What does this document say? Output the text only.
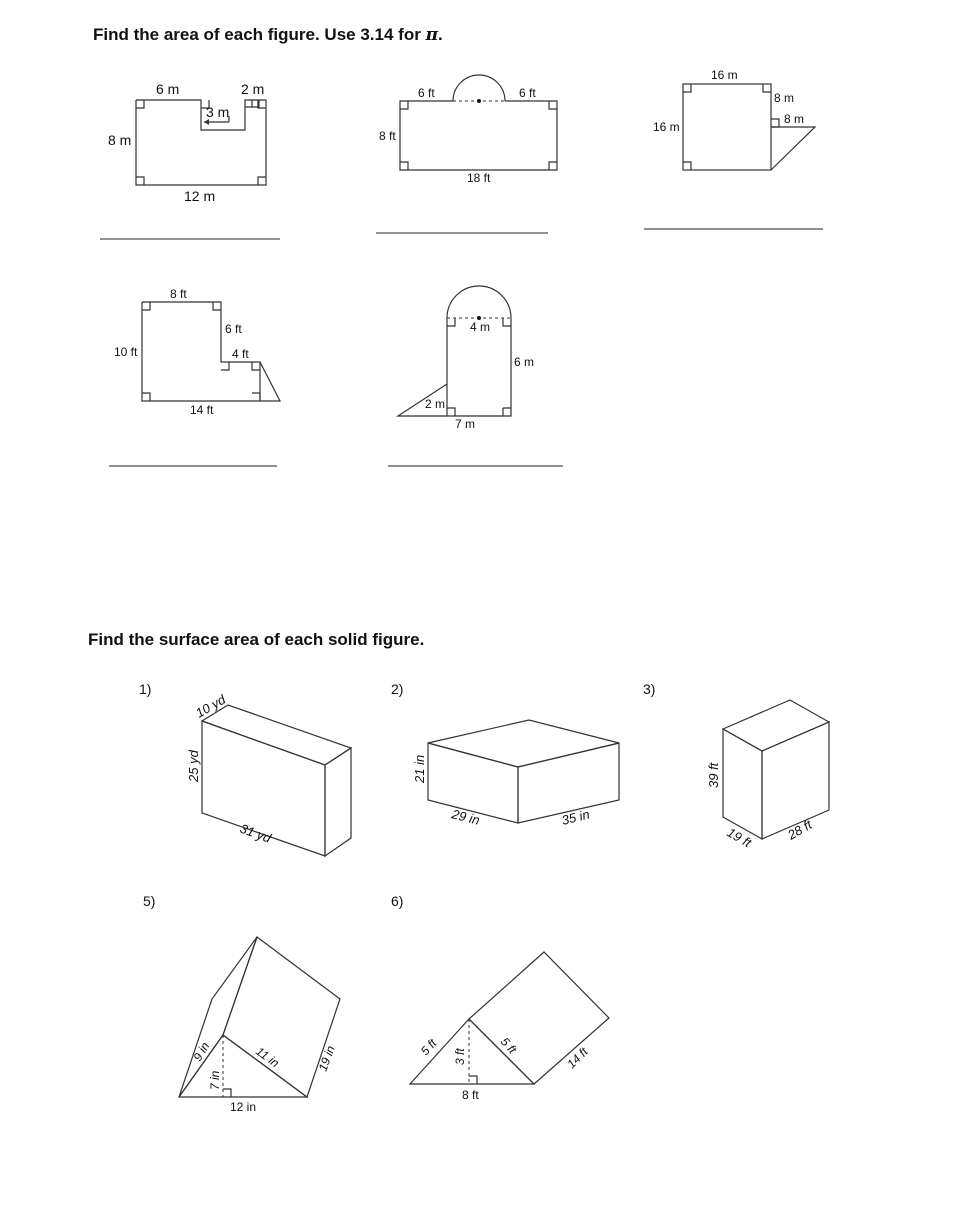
Find the area of each figure. Use 3.14 for π.
Find the surface area of each solid figure.
1)	2)	3)
5)	6)
6 m
3 m
2 m
8 m
12 m
6 ft	6 ft
8 ft
18 ft
16 m
16 m
8 m
8 m
8 ft
10 ft
6 ft
4 ft
14 ft
4 m
6 m
2 m
7 m
10 yd
25 yd
31 yd
21 in
29 in	35 in
39 ft
19 ft 28 ft
9 in	11 in
7 in
12 in
19 in	5 ft	5 ft
3 ft
8 ft
14 ft
